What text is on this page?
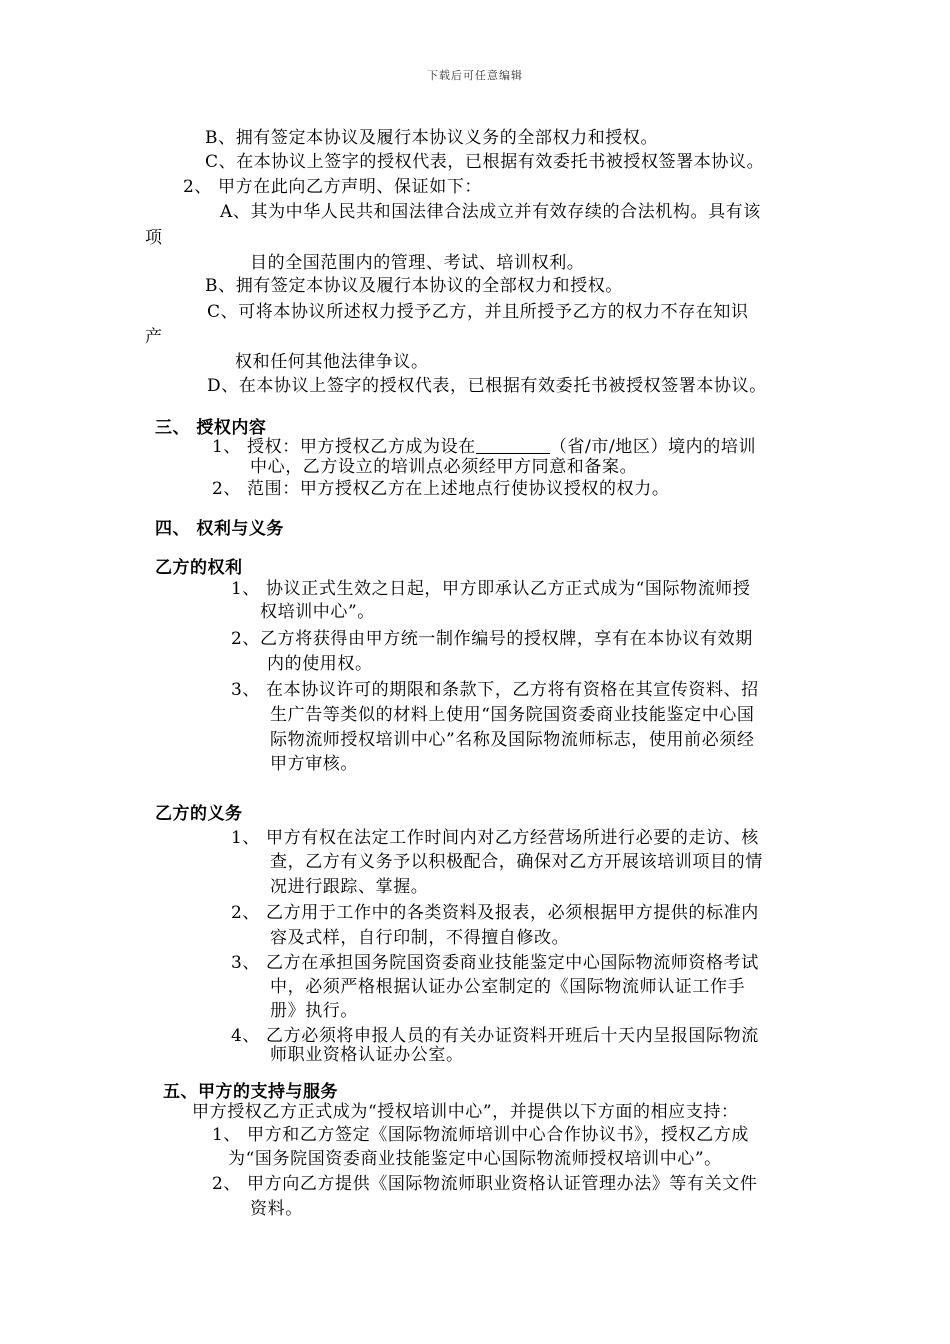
下载后可任意编辑
B、拥有签定本协议及履行本协议义务的全部权力和授权。
C、在本协议上签字的授权代表，已根据有效委托书被授权签署本协议。
2、 甲方在此向乙方声明、保证如下：
A、其为中华人民共和国法律合法成立并有效存续的合法机构。具有该
项
目的全国范围内的管理、考试、培训权利。
B、拥有签定本协议及履行本协议的全部权力和授权。
C、可将本协议所述权力授予乙方，并且所授予乙方的权力不存在知识
产
权和任何其他法律争议。
D、在本协议上签字的授权代表，已根据有效委托书被授权签署本协议。
三、 授权内容
1、 授权：甲方授权乙方成为设在	（省/市/地区）境内的培训
中心，乙方设立的培训点必须经甲方同意和备案。
2、 范围：甲方授权乙方在上述地点行使协议授权的权力。
四、 权利与义务
乙方的权利
1、 协议正式生效之日起，甲方即承认乙方正式成为“国际物流师授
权培训中心”。
2、乙方将获得由甲方统一制作编号的授权牌，享有在本协议有效期
内的使用权。
3、 在本协议许可的期限和条款下，乙方将有资格在其宣传资料、招
生广告等类似的材料上使用“国务院国资委商业技能鉴定中心国
际物流师授权培训中心”名称及国际物流师标志，使用前必须经
甲方审核。
乙方的义务
1、 甲方有权在法定工作时间内对乙方经营场所进行必要的走访、核
查，乙方有义务予以积极配合，确保对乙方开展该培训项目的情
况进行跟踪、掌握。
2、 乙方用于工作中的各类资料及报表，必须根据甲方提供的标准内
容及式样，自行印制，不得擅自修改。
3、 乙方在承担国务院国资委商业技能鉴定中心国际物流师资格考试
中，必须严格根据认证办公室制定的《国际物流师认证工作手
册》执行。
4、 乙方必须将申报人员的有关办证资料开班后十天内呈报国际物流
师职业资格认证办公室。
五、甲方的支持与服务
甲方授权乙方正式成为“授权培训中心”，并提供以下方面的相应支持：
1、 甲方和乙方签定《国际物流师培训中心合作协议书》，授权乙方成
为“国务院国资委商业技能鉴定中心国际物流师授权培训中心”。
2、 甲方向乙方提供《国际物流师职业资格认证管理办法》等有关文件
资料。
